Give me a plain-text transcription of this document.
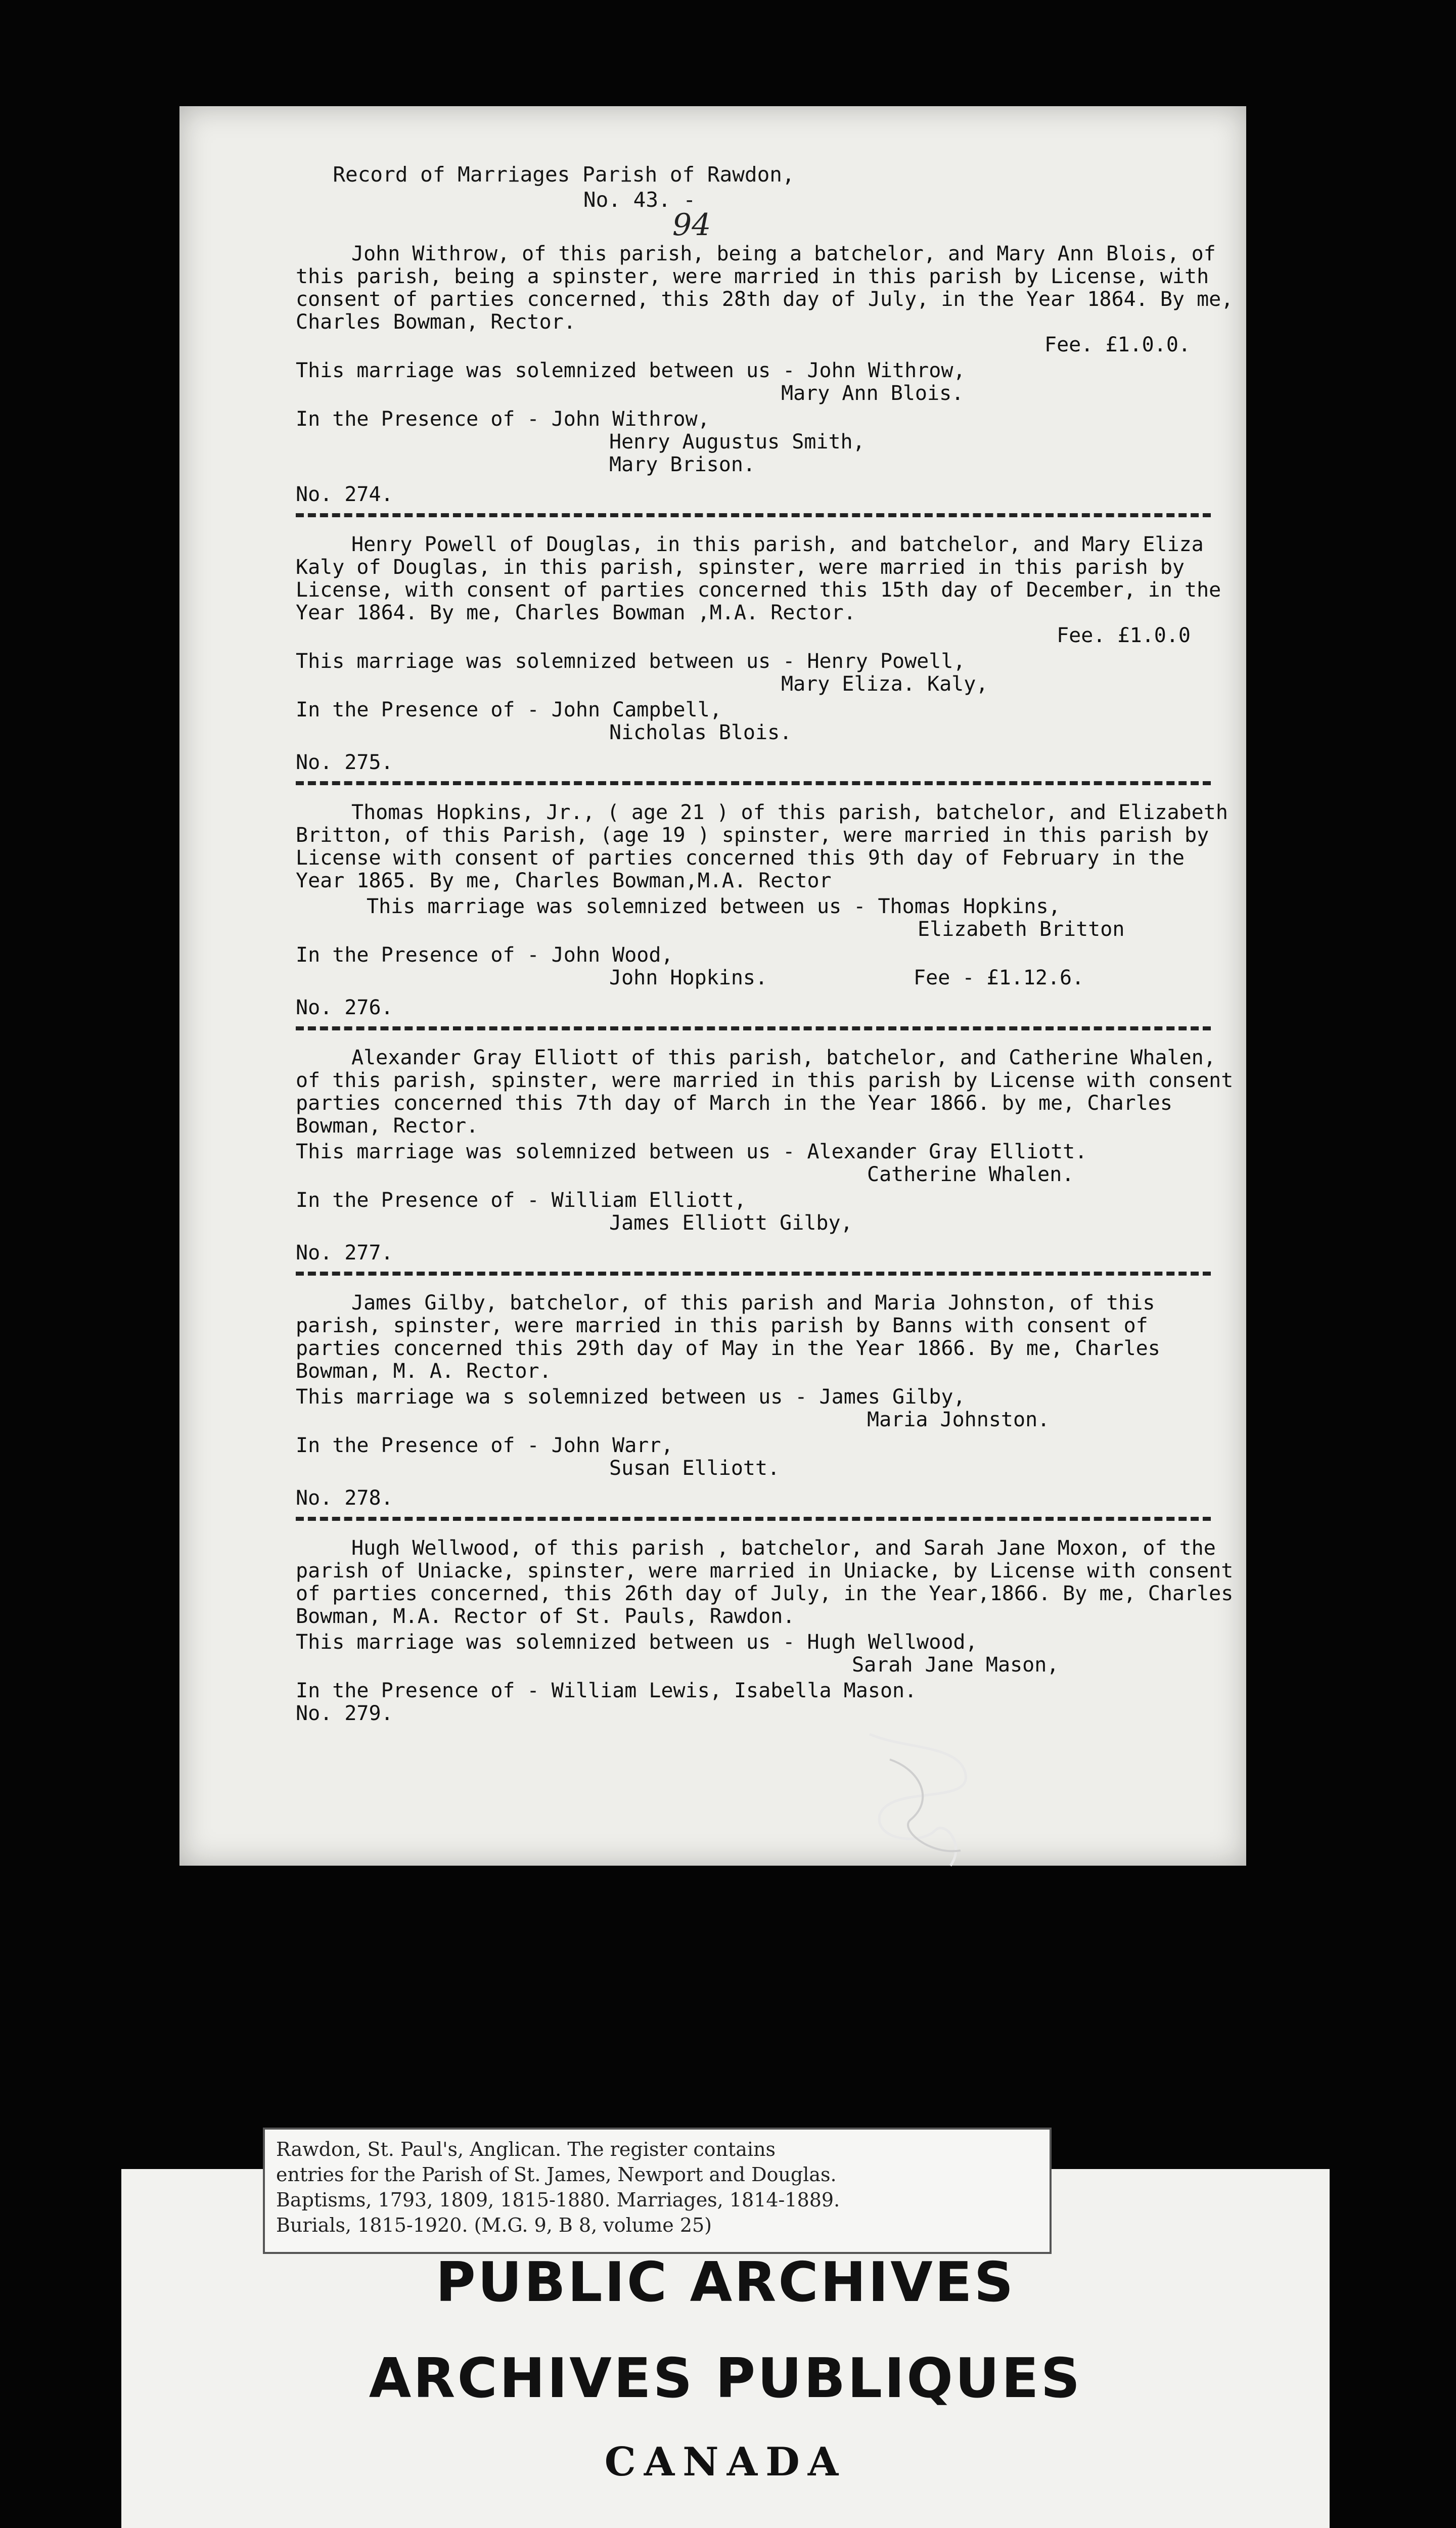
Record of Marriages Parish of Rawdon,
No. 43. -
94

John Withrow, of this parish, being a batchelor, and Mary Ann Blois, of this parish, being a spinster, were married in this parish by License, with consent of parties concerned, this 28th day of July, in the Year 1864. By me, Charles Bowman, Rector.

Fee. £1.0.0.

This marriage was solemnized between us - John Withrow,

Mary Ann Blois.

In the Presence of - John Withrow,

Henry Augustus Smith,

Mary Brison.

No. 274.

Henry Powell of Douglas, in this parish, and batchelor, and Mary Eliza Kaly of Douglas, in this parish, spinster, were married in this parish by License, with consent of parties concerned this 15th day of December, in the Year 1864. By me, Charles Bowman ,M.A. Rector.

Fee. £1.0.0

This marriage was solemnized between us - Henry Powell,

Mary Eliza. Kaly,

In the Presence of - John Campbell,

Nicholas Blois.

No. 275.

Thomas Hopkins, Jr., ( age 21 ) of this parish, batchelor, and Elizabeth Britton, of this Parish, (age 19 ) spinster, were married in this parish by License with consent of parties concerned this 9th day of February in the Year 1865. By me, Charles Bowman,M.A. Rector

This marriage was solemnized between us - Thomas Hopkins,

Elizabeth Britton

In the Presence of - John Wood,

John Hopkins.            Fee - £1.12.6.

No. 276.

Alexander Gray Elliott of this parish, batchelor, and Catherine Whalen, of this parish, spinster, were married in this parish by License with consent parties concerned this 7th day of March in the Year 1866. by me, Charles Bowman, Rector.

This marriage was solemnized between us - Alexander Gray Elliott.

Catherine Whalen.

In the Presence of - William Elliott,

James Elliott Gilby,

No. 277.

James Gilby, batchelor, of this parish and Maria Johnston, of this parish, spinster, were married in this parish by Banns with consent of parties concerned this 29th day of May in the Year 1866. By me, Charles Bowman, M. A. Rector.

This marriage wa s solemnized between us - James Gilby,

Maria Johnston.

In the Presence of - John Warr,

Susan Elliott.

No. 278.

Hugh Wellwood, of this parish , batchelor, and Sarah Jane Moxon, of the parish of Uniacke, spinster, were married in Uniacke, by License with consent of parties concerned, this 26th day of July, in the Year,1866. By me, Charles Bowman, M.A. Rector of St. Pauls, Rawdon.

This marriage was solemnized between us - Hugh Wellwood,

Sarah Jane Mason,

In the Presence of - William Lewis, Isabella Mason.

No. 279.

Rawdon, St. Paul's, Anglican. The register contains

entries for the Parish of St. James, Newport and Douglas.

Baptisms, 1793, 1809, 1815-1880. Marriages, 1814-1889.

Burials, 1815-1920. (M.G. 9, B 8, volume 25)

PUBLIC ARCHIVES
ARCHIVES PUBLIQUES
CANADA
